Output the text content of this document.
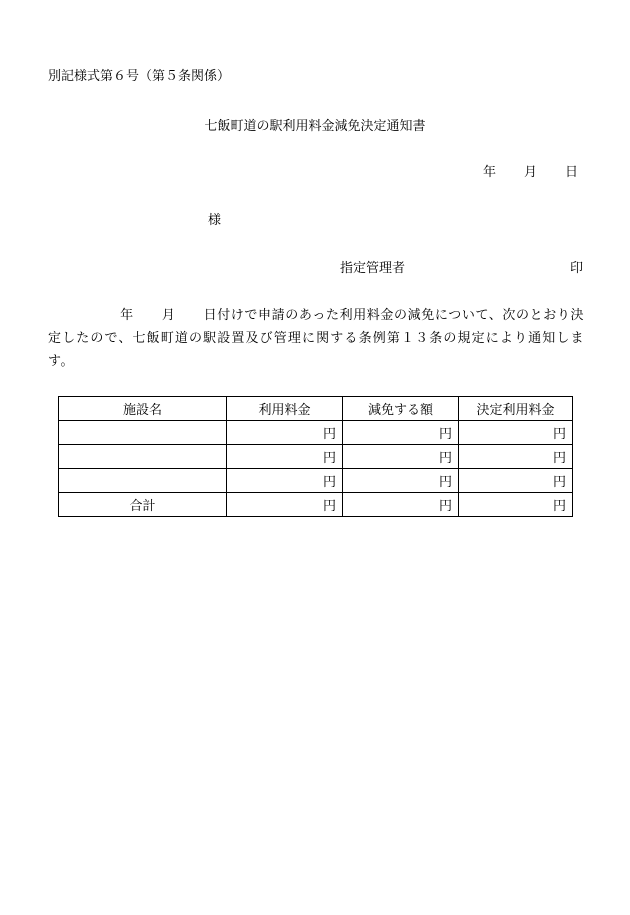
別記様式第６号（第５条関係）
七飯町道の駅利用料金減免決定通知書
年 月 日
様
指定管理者	印
年 月 日付けで申請のあった利用料金の減免について、次のとおり決定したので、七飯町道の駅設置及び管理に関する条例第１３条の規定により通知します。
施設名	利用料金	減免する額	決定利用料金
	円	円	円
	円	円	円
	円	円	円
合計	円	円	円
